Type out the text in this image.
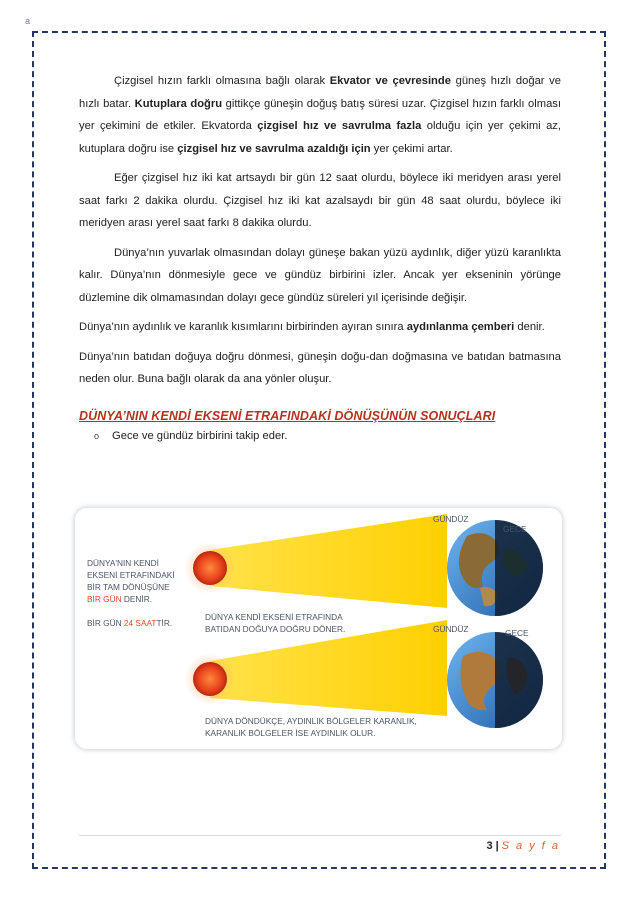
a

Çizgisel hızın farklı olmasına bağlı olarak Ekvator ve çevresinde güneş hızlı doğar ve hızlı batar. Kutuplara doğru gittikçe güneşin doğuş batış süresi uzar. Çizgisel hızın farklı olması yer çekimini de etkiler. Ekvatorda çizgisel hız ve savrulma fazla olduğu için yer çekimi az, kutuplara doğru ise çizgisel hız ve savrulma azaldığı için yer çekimi artar.

Eğer çizgisel hız iki kat artsaydı bir gün 12 saat olurdu, böylece iki meridyen arası yerel saat farkı 2 dakika olurdu. Çizgisel hız iki kat azalsaydı bir gün 48 saat olurdu, böylece iki meridyen arası yerel saat farkı 8 dakika olurdu.

Dünya’nın yuvarlak olmasından dolayı güneşe bakan yüzü aydınlık, diğer yüzü karanlıkta kalır. Dünya’nın dönmesiyle gece ve gündüz birbirini izler. Ancak yer ekseninin yörünge düzlemine dik olmamasından dolayı gece gündüz süreleri yıl içerisinde değişir.

Dünya’nın aydınlık ve karanlık kısımlarını birbirinden ayıran sınıra aydınlanma çemberi denir.

Dünya’nın batıdan doğuya doğru dönmesi, güneşin doğu-dan doğmasına ve batıdan batmasına neden olur. Buna bağlı olarak da ana yönler oluşur.

DÜNYA’NIN KENDİ EKSENİ ETRAFINDAKİ DÖNÜŞÜNÜN SONUÇLARI
o Gece ve gündüz birbirini takip eder.
GÜNDÜZ
GECE
GÜNDÜZ	GECE
DÜNYA'NIN KENDİ
EKSENİ ETRAFINDAKİ
BİR TAM DÖNÜŞÜNE
BİR GÜN DENİR.
BİR GÜN 24 SAATTİR.
DÜNYA KENDİ EKSENİ ETRAFINDA
BATIDAN DOĞUYA DOĞRU DÖNER.
DÜNYA DÖNDÜKÇE, AYDINLIK BÖLGELER KARANLIK,
KARANLIK BÖLGELER İSE AYDINLIK OLUR.
3 | S a y f a
